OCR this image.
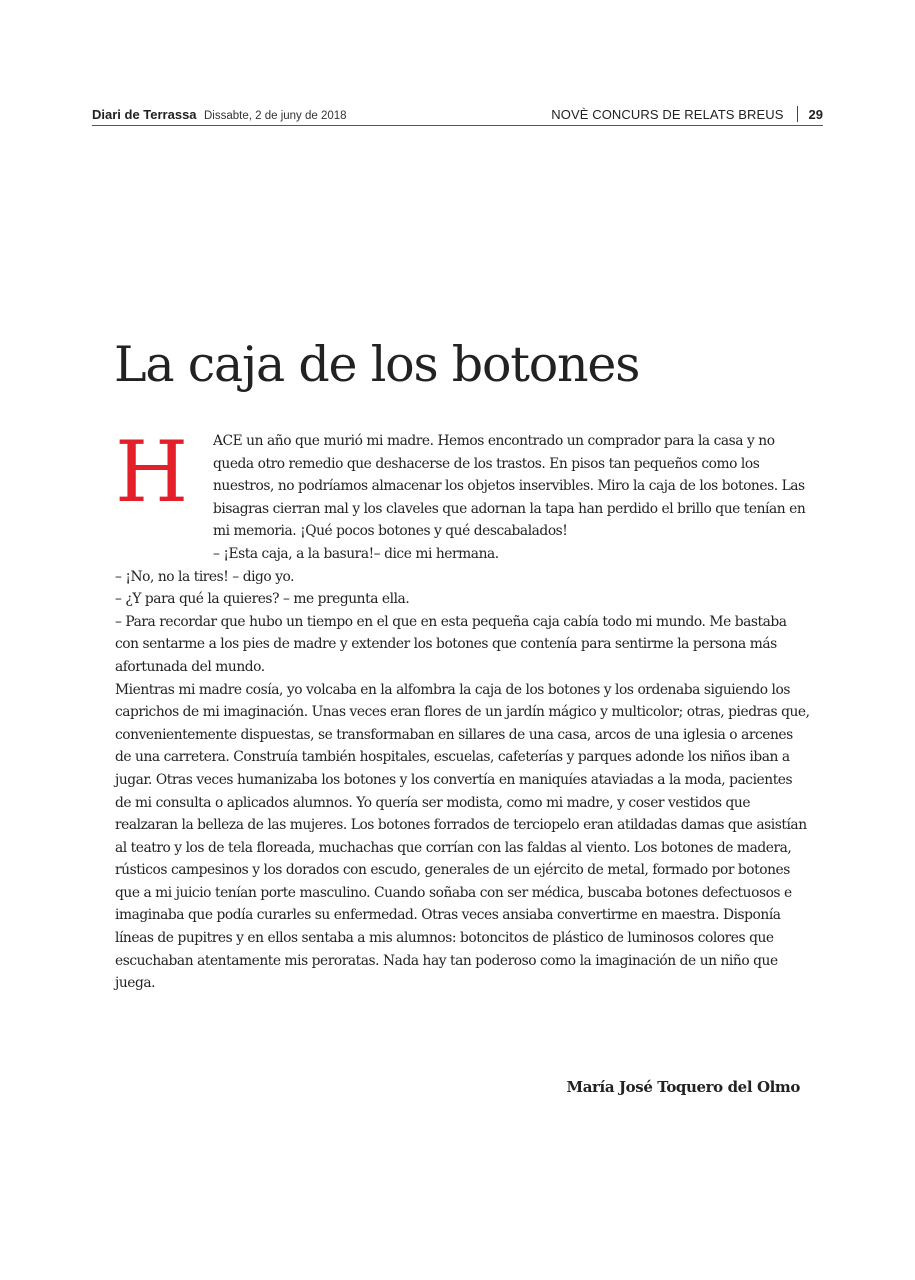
Diari de Terrassa Dissabte, 2 de juny de 2018	NOVÈ CONCURS DE RELATS BREUS 29
La caja de los botones
H	ACE un año que murió mi madre. Hemos encontrado un comprador para la casa y no queda otro remedio que deshacerse de los trastos. En pisos tan pequeños como los nuestros, no podríamos almacenar los objetos inservibles. Miro la caja de los botones. Las bisagras cierran mal y los claveles que adornan la tapa han perdido el brillo que tenían en mi memoria. ¡Qué pocos botones y qué descabalados!

– ¡Esta caja, a la basura!– dice mi hermana.

– ¡No, no la tires! – digo yo.

– ¿Y para qué la quieres? – me pregunta ella.

– Para recordar que hubo un tiempo en el que en esta pequeña caja cabía todo mi mundo. Me bastaba con sentarme a los pies de madre y extender los botones que contenía para sentirme la persona más afortunada del mundo.

Mientras mi madre cosía, yo volcaba en la alfombra la caja de los botones y los ordenaba siguiendo los caprichos de mi imaginación. Unas veces eran flores de un jardín mágico y multicolor; otras, piedras que, convenientemente dispuestas, se transformaban en sillares de una casa, arcos de una iglesia o arcenes de una carretera. Construía también hospitales, escuelas, cafeterías y parques adonde los niños iban a jugar. Otras veces humanizaba los botones y los convertía en maniquíes ataviadas a la moda, pacientes de mi consulta o aplicados alumnos. Yo quería ser modista, como mi madre, y coser vestidos que realzaran la belleza de las mujeres. Los botones forrados de terciopelo eran atildadas damas que asistían al teatro y los de tela floreada, muchachas que corrían con las faldas al viento. Los botones de madera, rústicos campesinos y los dorados con escudo, generales de un ejército de metal, formado por botones que a mi juicio tenían porte masculino. Cuando soñaba con ser médica, buscaba botones defectuosos e imaginaba que podía curarles su enfermedad. Otras veces ansiaba convertirme en maestra. Disponía líneas de pupitres y en ellos sentaba a mis alumnos: botoncitos de plástico de luminosos colores que escuchaban atentamente mis peroratas. Nada hay tan poderoso como la imaginación de un niño que juega.

María José Toquero del Olmo
